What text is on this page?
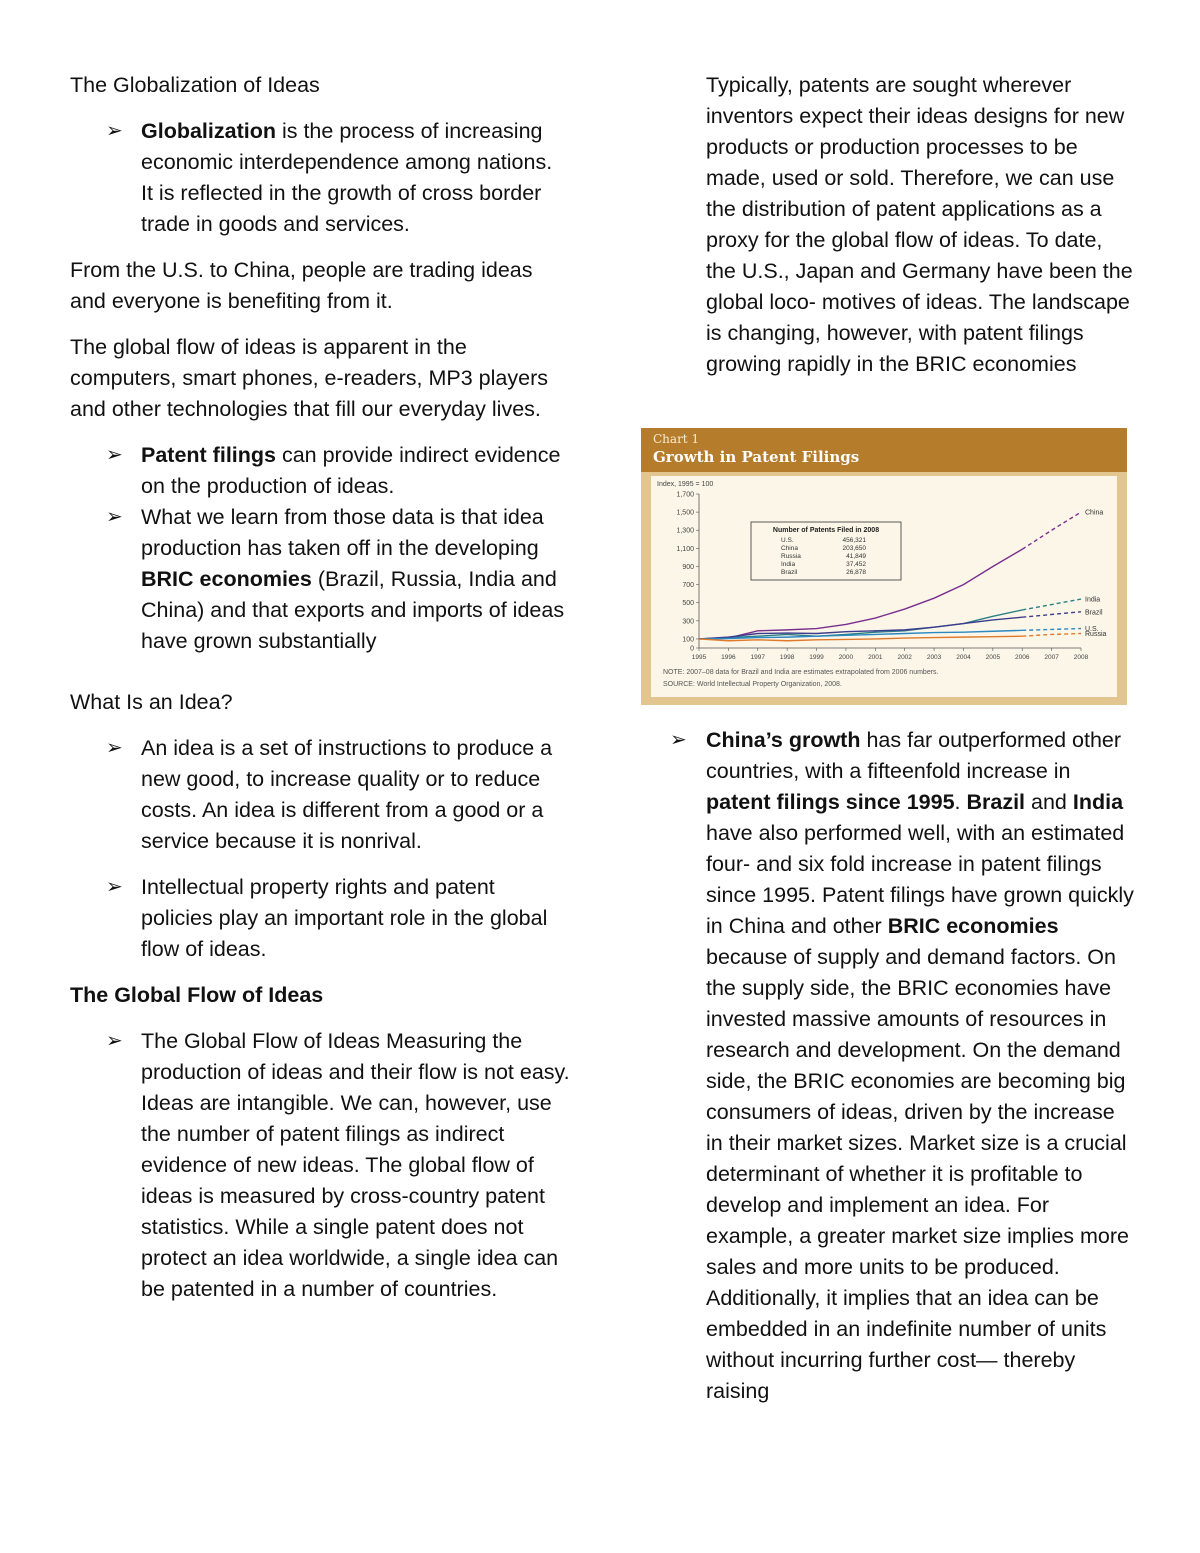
The Globalization of Ideas

➢ Globalization is the process of increasing economic interdependence among nations. It is reflected in the growth of cross border trade in goods and services.

From the U.S. to China, people are trading ideas and everyone is benefiting from it.

The global flow of ideas is apparent in the computers, smart phones, e-readers, MP3 players and other technologies that fill our everyday lives.

➢ Patent filings can provide indirect evidence on the production of ideas.
➢ What we learn from those data is that idea production has taken off in the developing BRIC economies (Brazil, Russia, India and China) and that exports and imports of ideas have grown substantially

What Is an Idea?

➢ An idea is a set of instructions to produce a new good, to increase quality or to reduce costs. An idea is different from a good or a service because it is nonrival.
➢ Intellectual property rights and patent policies play an important role in the global flow of ideas.

The Global Flow of Ideas

➢ The Global Flow of Ideas Measuring the production of ideas and their flow is not easy. Ideas are intangible. We can, however, use the number of patent filings as indirect evidence of new ideas. The global flow of ideas is measured by cross-country patent statistics. While a single patent does not protect an idea worldwide, a single idea can be patented in a number of countries.

Typically, patents are sought wherever inventors expect their ideas designs for new products or production processes to be made, used or sold. Therefore, we can use the distribution of patent applications as a proxy for the global flow of ideas. To date, the U.S., Japan and Germany have been the global loco- motives of ideas. The landscape is changing, however, with patent filings growing rapidly in the BRIC economies

➢ China’s growth has far outperformed other countries, with a fifteenfold increase in patent filings since 1995. Brazil and India have also performed well, with an estimated four- and six fold increase in patent filings since 1995. Patent filings have grown quickly in China and other BRIC economies because of supply and demand factors. On the supply side, the BRIC economies have invested massive amounts of resources in research and development. On the demand side, the BRIC economies are becoming big consumers of ideas, driven by the increase in their market sizes. Market size is a crucial determinant of whether it is profitable to develop and implement an idea. For example, a greater market size implies more sales and more units to be produced. Additionally, it implies that an idea can be embedded in an indefinite number of units without incurring further cost— thereby raising
Chart 1
Growth in Patent Filings
Index, 1995 = 100
0
100
300
500
700
900
1,100
1,300
1,500
1,700
1995 1996 1997 1998 1999 2000 2001 2002 2003 2004 2005 2006 2007 2008
China
India
Brazil
U.S.
Russia
Number of Patents Filed in 2008
U.S.	456,321
China	203,650
Russia	41,849
India	37,452
Brazil	26,878
NOTE: 2007–08 data for Brazil and India are estimates extrapolated from 2006 numbers.
SOURCE: World Intellectual Property Organization, 2008.
